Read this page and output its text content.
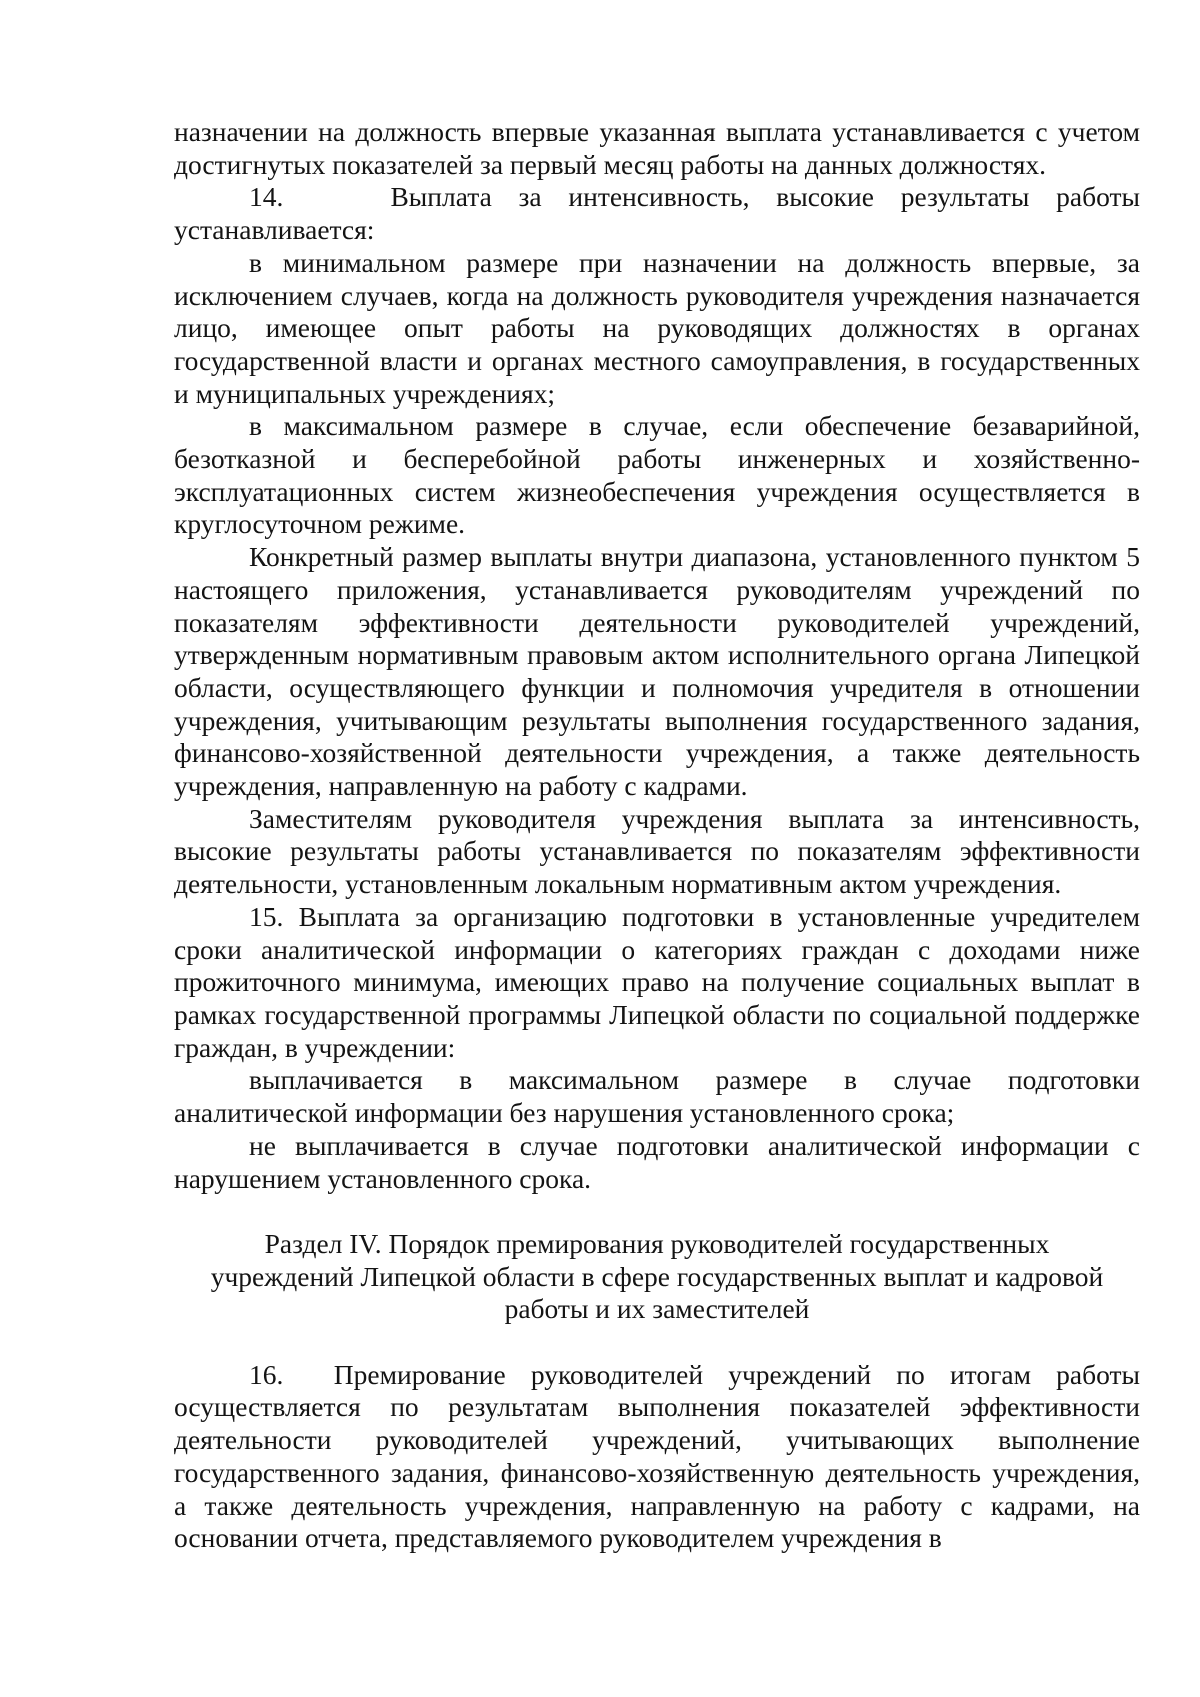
назначении на должность впервые указанная выплата устанавливается с учетом достигнутых показателей за первый месяц работы на данных должностях.

14.    Выплата за интенсивность, высокие результаты работы устанавливается:

в минимальном размере при назначении на должность впервые, за исключением случаев, когда на должность руководителя учреждения назначается лицо, имеющее опыт работы на руководящих должностях в органах государственной власти и органах местного самоуправления, в государственных и муниципальных учреждениях;

в максимальном размере в случае, если обеспечение безаварийной, безотказной и бесперебойной работы инженерных и хозяйственно-эксплуатационных систем жизнеобеспечения учреждения осуществляется в круглосуточном режиме.

Конкретный размер выплаты внутри диапазона, установленного пунктом 5 настоящего приложения, устанавливается руководителям учреждений по показателям эффективности деятельности руководителей учреждений, утвержденным нормативным правовым актом исполнительного органа Липецкой области, осуществляющего функции и полномочия учредителя в отношении учреждения, учитывающим результаты выполнения государственного задания, финансово-хозяйственной деятельности учреждения, а также деятельность учреждения, направленную на работу с кадрами.

Заместителям руководителя учреждения выплата за интенсивность, высокие результаты работы устанавливается по показателям эффективности деятельности, установленным локальным нормативным актом учреждения.

15. Выплата за организацию подготовки в установленные учредителем сроки аналитической информации о категориях граждан с доходами ниже прожиточного минимума, имеющих право на получение социальных выплат в рамках государственной программы Липецкой области по социальной поддержке граждан, в учреждении:

выплачивается в максимальном размере в случае подготовки аналитической информации без нарушения установленного срока;

не выплачивается в случае подготовки аналитической информации с нарушением установленного срока.

Раздел IV. Порядок премирования руководителей государственных
учреждений Липецкой области в сфере государственных выплат и кадровой
работы и их заместителей

16.  Премирование руководителей учреждений по итогам работы осуществляется по результатам выполнения показателей эффективности деятельности руководителей учреждений, учитывающих выполнение государственного задания, финансово-хозяйственную деятельность учреждения, а также деятельность учреждения, направленную на работу с кадрами, на основании отчета, представляемого руководителем учреждения в
